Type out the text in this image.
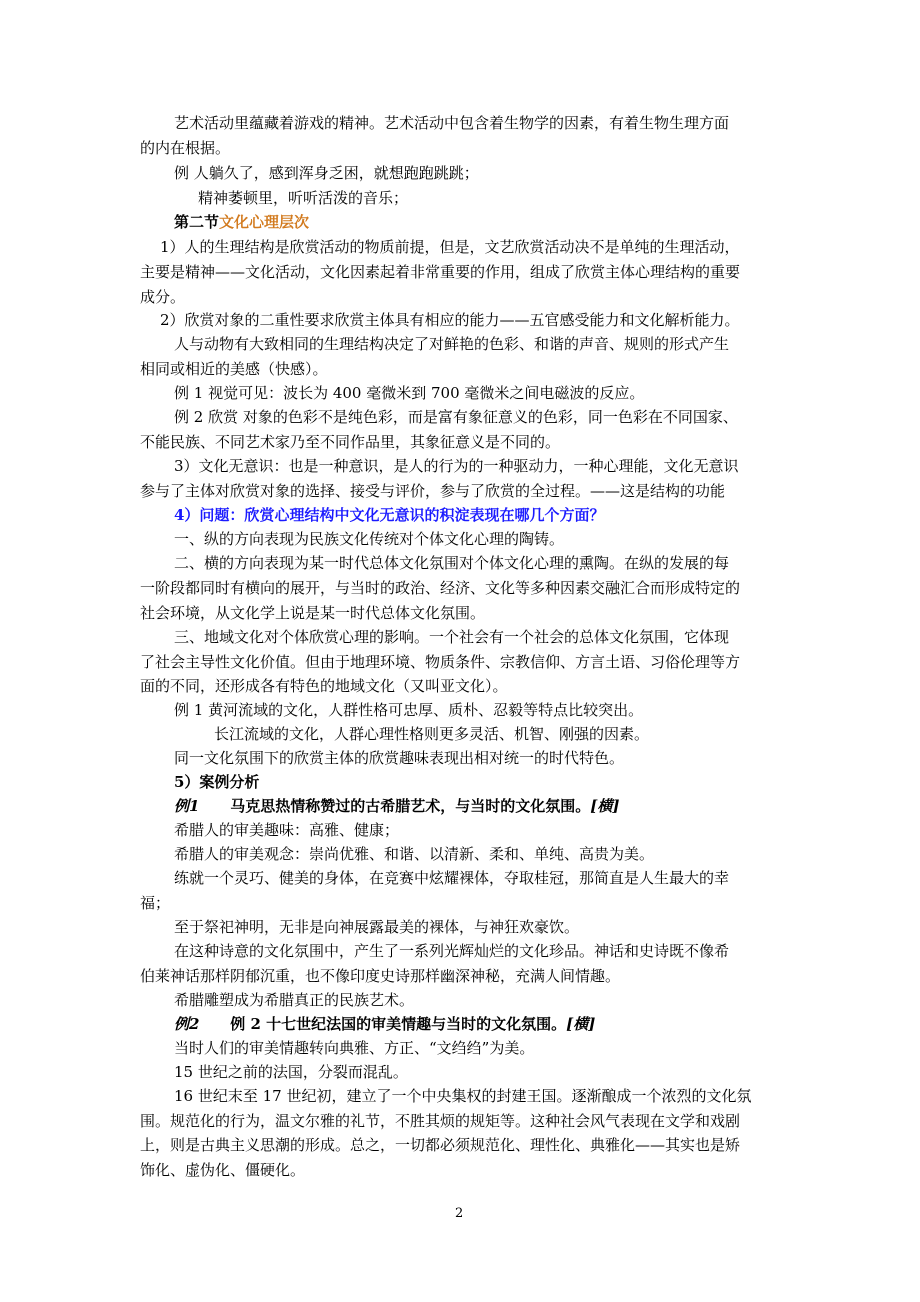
艺术活动里蕴藏着游戏的精神。艺术活动中包含着生物学的因素，有着生物生理方面
的内在根据。
例 人躺久了，感到浑身乏困，就想跑跑跳跳；
精神萎顿里，听听活泼的音乐；
第二节文化心理层次
1）人的生理结构是欣赏活动的物质前提，但是，文艺欣赏活动决不是单纯的生理活动，
主要是精神——文化活动，文化因素起着非常重要的作用，组成了欣赏主体心理结构的重要
成分。
2）欣赏对象的二重性要求欣赏主体具有相应的能力——五官感受能力和文化解析能力。
人与动物有大致相同的生理结构决定了对鲜艳的色彩、和谐的声音、规则的形式产生
相同或相近的美感（快感）。
例 1 视觉可见：波长为 400 毫微米到 700 毫微米之间电磁波的反应。
例 2 欣赏 对象的色彩不是纯色彩，而是富有象征意义的色彩，同一色彩在不同国家、
不能民族、不同艺术家乃至不同作品里，其象征意义是不同的。
3）文化无意识：也是一种意识，是人的行为的一种驱动力，一种心理能，文化无意识
参与了主体对欣赏对象的选择、接受与评价，参与了欣赏的全过程。——这是结构的功能
4）问题：欣赏心理结构中文化无意识的积淀表现在哪几个方面？
一、纵的方向表现为民族文化传统对个体文化心理的陶铸。
二、横的方向表现为某一时代总体文化氛围对个体文化心理的熏陶。在纵的发展的每
一阶段都同时有横向的展开，与当时的政治、经济、文化等多种因素交融汇合而形成特定的
社会环境，从文化学上说是某一时代总体文化氛围。
三、地域文化对个体欣赏心理的影响。一个社会有一个社会的总体文化氛围，它体现
了社会主导性文化价值。但由于地理环境、物质条件、宗教信仰、方言土语、习俗伦理等方
面的不同，还形成各有特色的地域文化（又叫亚文化）。
例 1 黄河流域的文化，人群性格可忠厚、质朴、忍毅等特点比较突出。
长江流域的文化，人群心理性格则更多灵活、机智、刚强的因素。
同一文化氛围下的欣赏主体的欣赏趣味表现出相对统一的时代特色。
5）案例分析
例1 马克思热情称赞过的古希腊艺术，与当时的文化氛围。[横]
希腊人的审美趣味：高雅、健康；
希腊人的审美观念：崇尚优雅、和谐、以清新、柔和、单纯、高贵为美。
练就一个灵巧、健美的身体，在竞赛中炫耀裸体，夺取桂冠，那简直是人生最大的幸
福；
至于祭祀神明，无非是向神展露最美的裸体，与神狂欢豪饮。
在这种诗意的文化氛围中，产生了一系列光辉灿烂的文化珍品。神话和史诗既不像希
伯莱神话那样阴郁沉重，也不像印度史诗那样幽深神秘，充满人间情趣。
希腊雕塑成为希腊真正的民族艺术。
例2 例 2 十七世纪法国的审美情趣与当时的文化氛围。[横]
当时人们的审美情趣转向典雅、方正、“文绉绉”为美。
15 世纪之前的法国，分裂而混乱。
16 世纪末至 17 世纪初，建立了一个中央集权的封建王国。逐渐酿成一个浓烈的文化氛
围。规范化的行为，温文尔雅的礼节，不胜其烦的规矩等。这种社会风气表现在文学和戏剧
上，则是古典主义思潮的形成。总之，一切都必须规范化、理性化、典雅化——其实也是矫
饰化、虚伪化、僵硬化。
2
